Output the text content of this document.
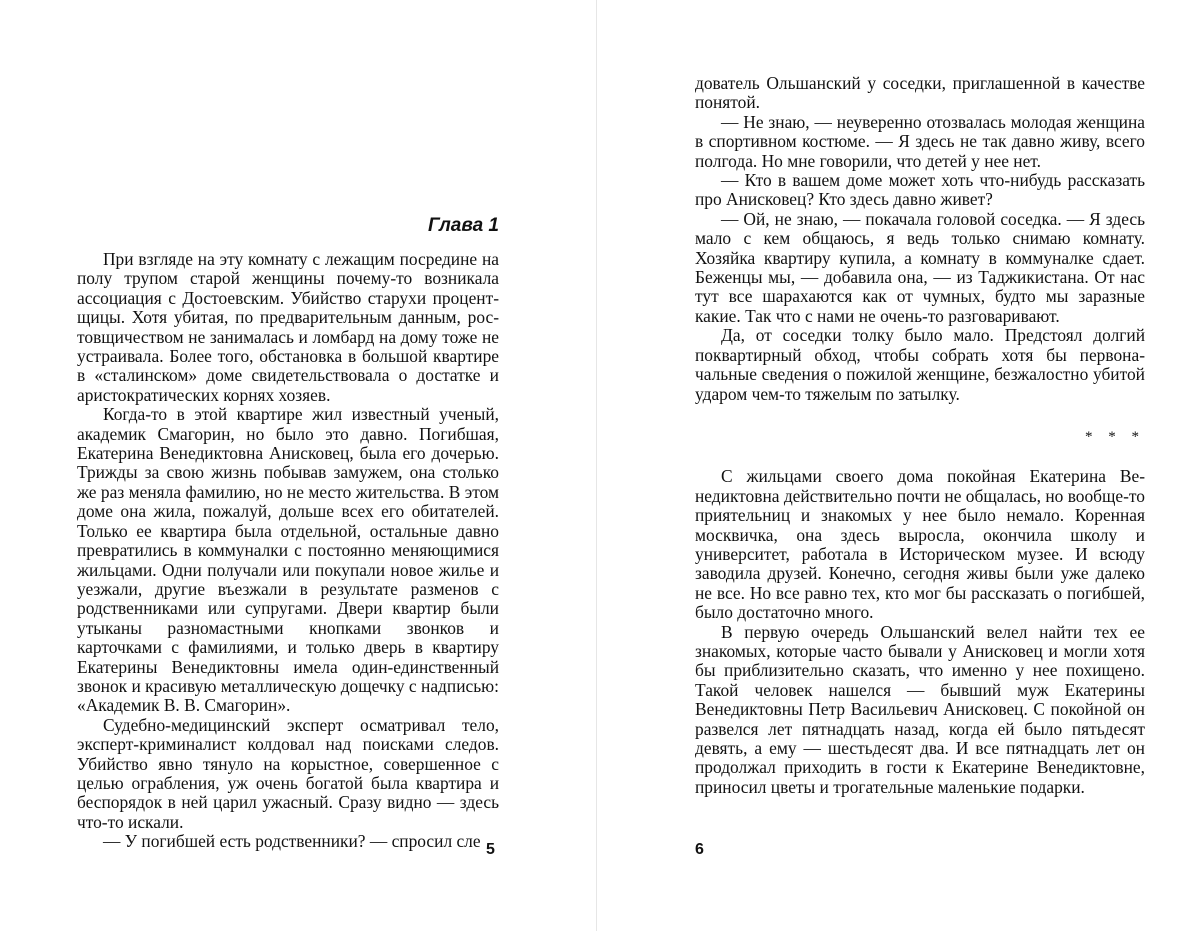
Глава 1

При взгляде на эту комнату с лежащим посредине на полу трупом старой женщины почему-то возникала ассоциация с Достоевским. Убийство старухи процентщицы. Хотя убитая, по предварительным данным, ростовщичеством не занималась и ломбард на дому тоже не устраивала. Более того, обстановка в большой квартире в «сталинском» доме свидетельствовала о достатке и аристократических корнях хозяев.

Когда-то в этой квартире жил известный ученый, академик Смагорин, но было это давно. Погибшая, Екатерина Венедиктовна Анисковец, была его дочерью. Трижды за свою жизнь побывав замужем, она столько же раз меняла фамилию, но не место жительства. В этом доме она жила, пожалуй, дольше всех его обитателей. Только ее квартира была отдельной, остальные давно превратились в коммуналки с постоянно меняющимися жильцами. Одни получали или покупали новое жилье и уезжали, другие въезжали в результате разменов с родственниками или супругами. Двери квартир были утыканы разномастными кнопками звонков и карточками с фамилиями, и только дверь в квартиру Екатерины Венедиктовны имела один-единственный звонок и красивую металлическую дощечку с надписью: «Академик В. В. Смагорин».

Судебно-медицинский эксперт осматривал тело, эксперт-криминалист колдовал над поисками следов. Убийство явно тянуло на корыстное, совершенное с целью ограбления, уж очень богатой была квартира и беспорядок в ней царил ужасный. Сразу видно — здесь что-то искали.

— У погибшей есть родственники? — спросил сле 5

дователь Ольшанский у соседки, приглашенной в качестве понятой.

— Не знаю, — неуверенно отозвалась молодая женщина в спортивном костюме. — Я здесь не так давно живу, всего полгода. Но мне говорили, что детей у нее нет.

— Кто в вашем доме может хоть что-нибудь рассказать про Анисковец? Кто здесь давно живет?

— Ой, не знаю, — покачала головой соседка. — Я здесь мало с кем общаюсь, я ведь только снимаю комнату. Хозяйка квартиру купила, а комнату в коммуналке сдает. Беженцы мы, — добавила она, — из Таджикистана. От нас тут все шарахаются как от чумных, будто мы заразные какие. Так что с нами не очень-то разговаривают.

Да, от соседки толку было мало. Предстоял долгий поквартирный обход, чтобы собрать хотя бы первоначальные сведения о пожилой женщине, безжалостно убитой ударом чем-то тяжелым по затылку.

* * *

С жильцами своего дома покойная Екатерина Венедиктовна действительно почти не общалась, но вообще-то приятельниц и знакомых у нее было немало. Коренная москвичка, она здесь выросла, окончила школу и университет, работала в Историческом музее. И всюду заводила друзей. Конечно, сегодня живы были уже далеко не все. Но все равно тех, кто мог бы рассказать о погибшей, было достаточно много.

В первую очередь Ольшанский велел найти тех ее знакомых, которые часто бывали у Анисковец и могли хотя бы приблизительно сказать, что именно у нее похищено. Такой человек нашелся — бывший муж Екатерины Венедиктовны Петр Васильевич Анисковец. С покойной он развелся лет пятнадцать назад, когда ей было пятьдесят девять, а ему — шестьдесят два. И все пятнадцать лет он продолжал приходить в гости к Екатерине Венедиктовне, приносил цветы и трогательные маленькие подарки.

6
